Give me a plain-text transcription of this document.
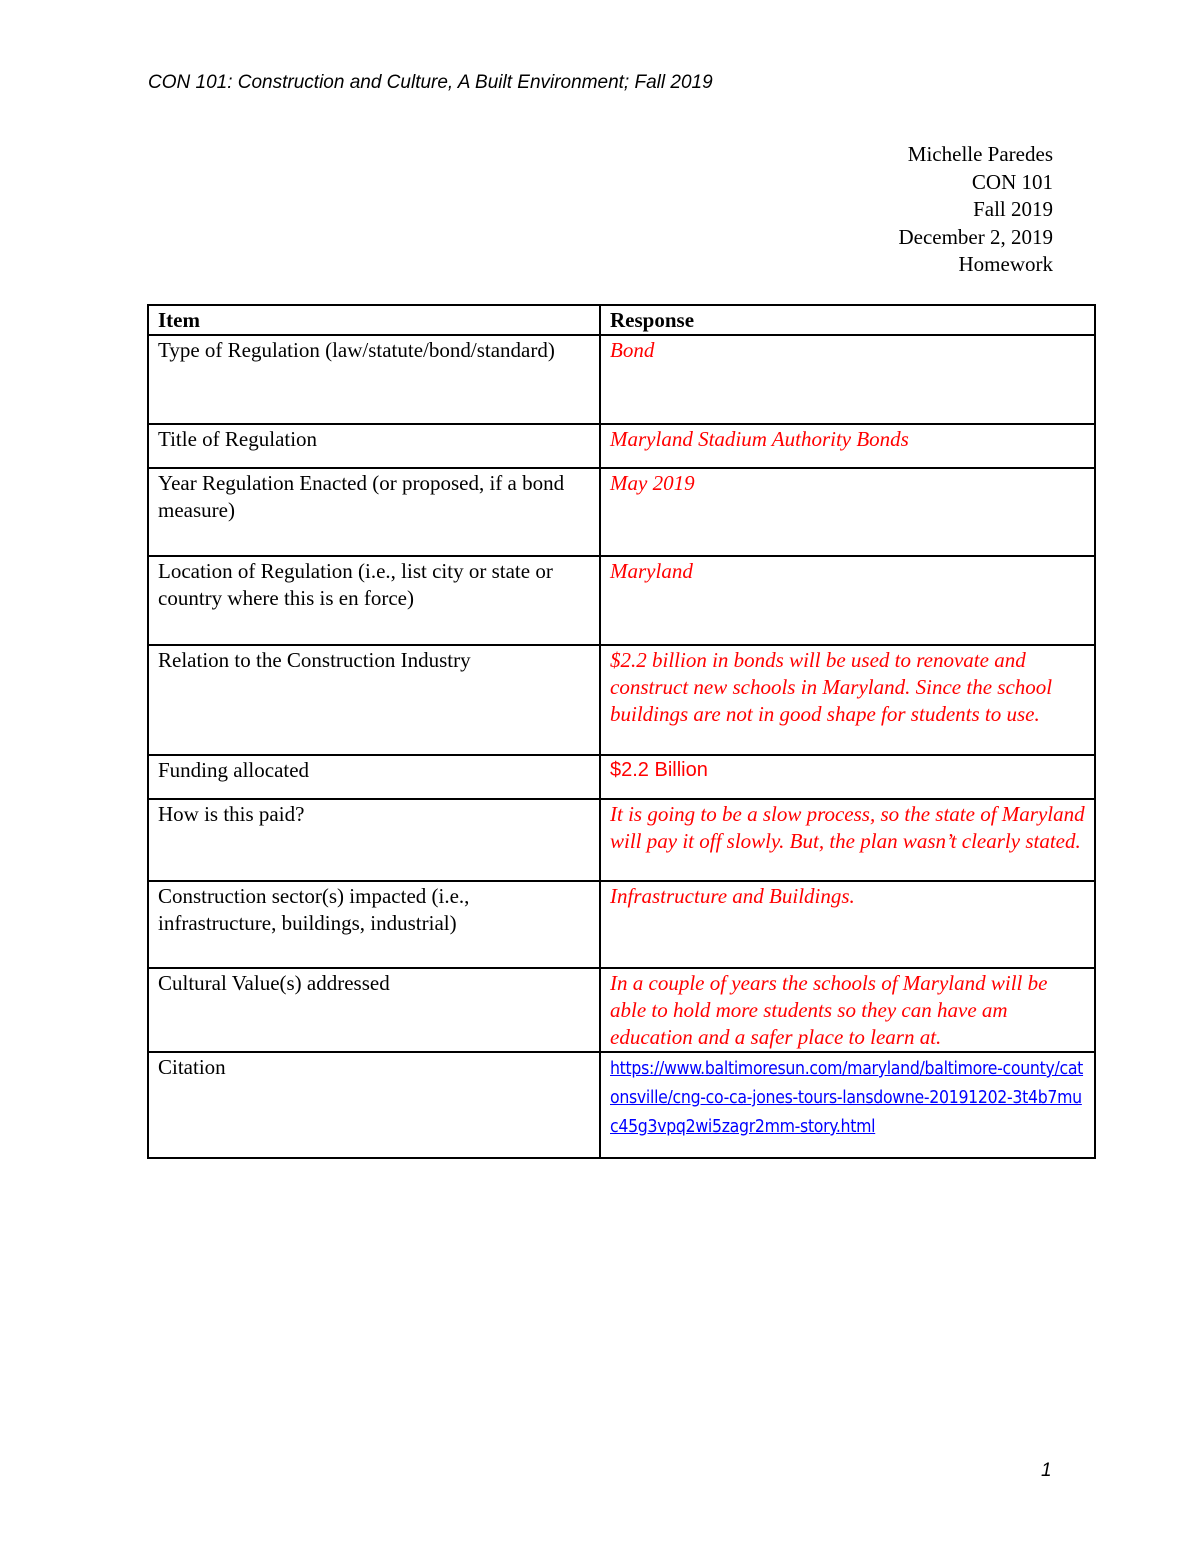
CON 101: Construction and Culture, A Built Environment; Fall 2019
Michelle Paredes
CON 101
Fall 2019
December 2, 2019
Homework
Item	Response
Type of Regulation (law/statute/bond/standard)	Bond
Title of Regulation	Maryland Stadium Authority Bonds
Year Regulation Enacted (or proposed, if a bond measure)	May 2019
Location of Regulation (i.e., list city or state or country where this is en force)	Maryland
Relation to the Construction Industry	$2.2 billion in bonds will be used to renovate and construct new schools in Maryland. Since the school buildings are not in good shape for students to use.
Funding allocated	$2.2 Billion
How is this paid?	It is going to be a slow process, so the state of Maryland will pay it off slowly. But, the plan wasn’t clearly stated.
Construction sector(s) impacted (i.e., infrastructure, buildings, industrial)	Infrastructure and Buildings.
Cultural Value(s) addressed	In a couple of years the schools of Maryland will be able to hold more students so they can have am education and a safer place to learn at.
Citation	https://www.baltimoresun.com/maryland/baltimore-county/catonsville/cng-co-ca-jones-tours-lansdowne-20191202-3t4b7muc45g3vpq2wi5zagr2mm-story.html
1
